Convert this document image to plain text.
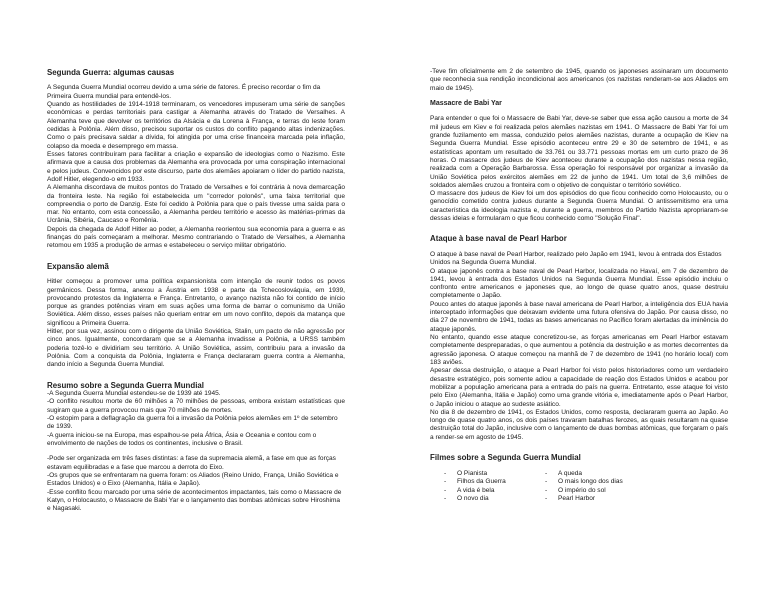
Segunda Guerra: algumas causas

A Segunda Guerra Mundial ocorreu devido a uma série de fatores. É preciso recordar o fim da Primeira Guerra mundial para entendê-los.

Quando as hostilidades de 1914-1918 terminaram, os vencedores impuseram uma série de sanções econômicas e perdas territoriais para castigar a Alemanha através do Tratado de Versalhes. A Alemanha teve que devolver os territórios da Alsácia e da Lorena à França, e terras do leste foram cedidas à Polônia. Além disso, precisou suportar os custos do conflito pagando altas indenizações. Como o país precisava saldar a dívida, foi atingida por uma crise financeira marcada pela inflação, colapso da moeda e desemprego em massa.

Esses fatores contribuíram para facilitar a criação e expansão de ideologias como o Nazismo. Este afirmava que a causa dos problemas da Alemanha era provocada por uma conspiração internacional e pelos judeus. Convencidos por este discurso, parte dos alemães apoiaram o líder do partido nazista, Adolf Hitler, elegendo-o em 1933.

A Alemanha discordava de muitos pontos do Tratado de Versalhes e foi contrária à nova demarcação da fronteira leste. Na região foi estabelecida um "corredor polonês", uma faixa territorial que compreendia o porto de Danzig. Este foi cedido à Polônia para que o país tivesse uma saída para o mar. No entanto, com esta concessão, a Alemanha perdeu território e acesso às matérias-primas da Ucrânia, Sibéria, Caucaso e Romênia.

Depois da chegada de Adolf Hitler ao poder, a Alemanha reorientou sua economia para a guerra e as finanças do país começaram a melhorar. Mesmo contrariando o Tratado de Versalhes, a Alemanha retomou em 1935 a produção de armas e estabeleceu o serviço militar obrigatório.

Expansão alemã

Hitler começou a promover uma política expansionista com intenção de reunir todos os povos germânicos. Dessa forma, anexou a Áustria em 1938 e parte da Tchecoslováquia, em 1939, provocando protestos da Inglaterra e França. Entretanto, o avanço nazista não foi contido de início porque as grandes potências viram em suas ações uma forma de barrar o comunismo da União Soviética. Além disso, esses países não queriam entrar em um novo conflito, depois da matança que significou a Primeira Guerra.

Hitler, por sua vez, assinou com o dirigente da União Soviética, Stalin, um pacto de não agressão por cinco anos. Igualmente, concordaram que se a Alemanha invadisse a Polônia, a URSS também poderia tozê-lo e dividiriam seu território. A União Soviética, assim, contribuiu para a invasão da Polônia. Com a conquista da Polônia, Inglaterra e França declararam guerra contra a Alemanha, dando início a Segunda Guerra Mundial.

Resumo sobre a Segunda Guerra Mundial

-A Segunda Guerra Mundial estendeu-se de 1939 até 1945.

-O conflito resultou morte de 60 milhões a 70 milhões de pessoas, embora existam estatísticas que sugiram que a guerra provocou mais que 70 milhões de mortes.

-O estopim para a deflagração da guerra foi a invasão da Polônia pelos alemães em 1º de setembro de 1939.

-A guerra iniciou-se na Europa, mas espalhou-se pela África, Ásia e Oceania e contou com o envolvimento de nações de todos os continentes, inclusive o Brasil.

-Pode ser organizada em três fases distintas: a fase da supremacia alemã, a fase em que as forças estavam equilibradas e a fase que marcou a derrota do Eixo.

-Os grupos que se enfrentaram na guerra foram: os Aliados (Reino Unido, França, União Soviética e Estados Unidos) e o Eixo (Alemanha, Itália e Japão).

-Esse conflito ficou marcado por uma série de acontecimentos impactantes, tais como o Massacre de Katyn, o Holocausto, o Massacre de Babi Yar e o lançamento das bombas atômicas sobre Hiroshima e Nagasaki.

-Teve fim oficialmente em 2 de setembro de 1945, quando os japoneses assinaram um documento que reconhecia sua rendição incondicional aos americanos (os nazistas renderam-se aos Aliados em maio de 1945).

Massacre de Babi Yar

Para entender o que foi o Massacre de Babi Yar, deve-se saber que essa ação causou a morte de 34 mil judeus em Kiev e foi realizada pelos alemães nazistas em 1941. O Massacre de Babi Yar foi um grande fuzilamento em massa, conduzido pelos alemães nazistas, durante a ocupação de Kiev na Segunda Guerra Mundial. Esse episódio aconteceu entre 29 e 30 de setembro de 1941, e as estatísticas apontam um resultado de 33.761 ou 33.771 pessoas mortas em um curto prazo de 36 horas. O massacre dos judeus de Kiev aconteceu durante a ocupação dos nazistas nessa região, realizada com a Operação Barbarossa. Essa operação foi responsável por organizar a invasão da União Soviética pelos exércitos alemães em 22 de junho de 1941. Um total de 3,6 milhões de soldados alemães cruzou a fronteira com o objetivo de conquistar o território soviético.

O massacre dos judeus de Kiev foi um dos episódios do que ficou conhecido como Holocausto, ou o genocídio cometido contra judeus durante a Segunda Guerra Mundial. O antissemitismo era uma característica da ideologia nazista e, durante a guerra, membros do Partido Nazista apropriaram-se dessas ideias e formularam o que ficou conhecido como "Solução Final".

Ataque à base naval de Pearl Harbor

O ataque à base naval de Pearl Harbor, realizado pelo Japão em 1941, levou à entrada dos Estados Unidos na Segunda Guerra Mundial.

O ataque japonês contra a base naval de Pearl Harbor, localizada no Havaí, em 7 de dezembro de 1941, levou à entrada dos Estados Unidos na Segunda Guerra Mundial. Esse episódio incluiu o confronto entre americanos e japoneses que, ao longo de quase quatro anos, quase destruiu completamente o Japão.

Pouco antes do ataque japonês à base naval americana de Pearl Harbor, a inteligência dos EUA havia interceptado informações que deixavam evidente uma futura ofensiva do Japão. Por causa disso, no dia 27 de novembro de 1941, todas as bases americanas no Pacífico foram alertadas da iminência do ataque japonês.

No entanto, quando esse ataque concretizou-se, as forças americanas em Pearl Harbor estavam completamente despreparadas, o que aumentou a potência da destruição e as mortes decorrentes da agressão japonesa. O ataque começou na manhã de 7 de dezembro de 1941 (no horário local) com 183 aviões.

Apesar dessa destruição, o ataque a Pearl Harbor foi visto pelos historiadores como um verdadeiro desastre estratégico, pois somente adiou a capacidade de reação dos Estados Unidos e acabou por mobilizar a população americana para a entrada do país na guerra. Entretanto, esse ataque foi visto pelo Eixo (Alemanha, Itália e Japão) como uma grande vitória e, imediatamente após o Pearl Harbor, o Japão iniciou o ataque ao sudeste asiático.

No dia 8 de dezembro de 1941, os Estados Unidos, como resposta, declararam guerra ao Japão. Ao longo de quase quatro anos, os dois países travaram batalhas ferozes, as quais resultaram na quase destruição total do Japão, inclusive com o lançamento de duas bombas atômicas, que forçaram o país a render-se em agosto de 1945.

Filmes sobre a Segunda Guerra Mundial
-	O Pianista
-	Filhos da Guerra
-	A vida é bela
-	O novo dia
-	A queda
-	O mais longo dos dias
-	O império do sol
-	Pearl Harbor
